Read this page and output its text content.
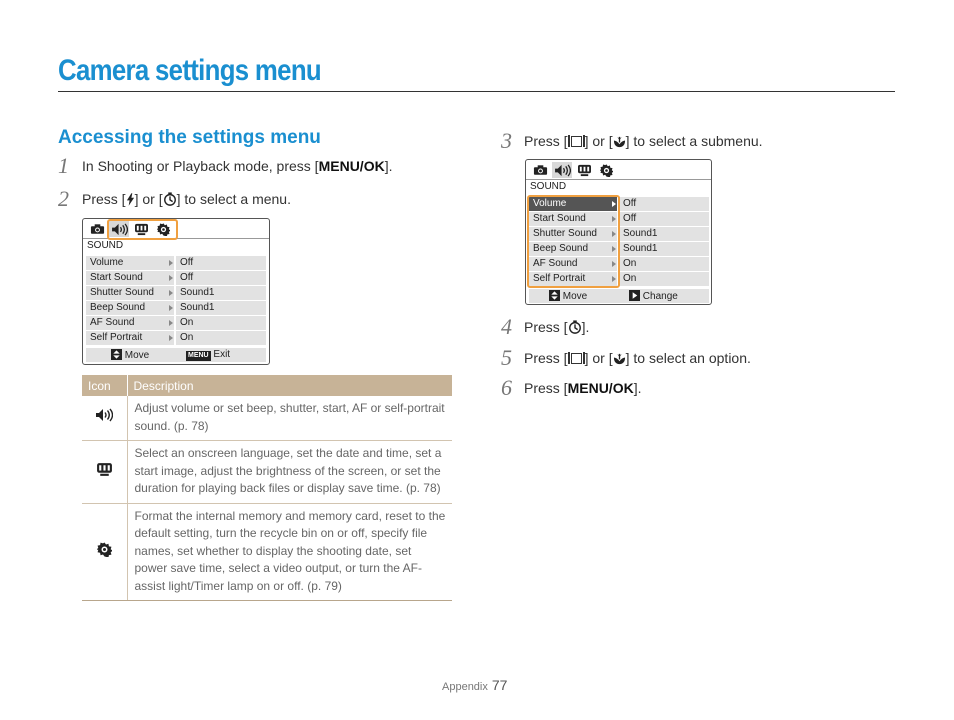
Camera settings menu
Accessing the settings menu
1 In Shooting or Playback mode, press [MENU/OK].
2 Press [ ] or [ ] to select a menu.
SOUND
Volume	Off
Start Sound	Off
Shutter Sound	Sound1
Beep Sound	Sound1
AF Sound	On
Self Portrait	On
Move	MENU Exit
Icon	Description
	Adjust volume or set beep, shutter, start, AF or self-portrait sound. (p. 78)
	Select an onscreen language, set the date and time, set a start image, adjust the brightness of the screen, or set the duration for playing back files or display save time. (p. 78)
	Format the internal memory and memory card, reset to the default setting, turn the recycle bin on or off, specify file names, set whether to display the shooting date, set power save time, select a video output, or turn the AF-assist light/Timer lamp on or off. (p. 79)
3 Press [ ] or [ ] to select a submenu.
SOUND
Volume	Off
Start Sound	Off
Shutter Sound	Sound1
Beep Sound	Sound1
AF Sound	On
Self Portrait	On
Move	Change
4 Press [ ].
5 Press [ ] or [ ] to select an option.
6 Press [MENU/OK].
Appendix 77
